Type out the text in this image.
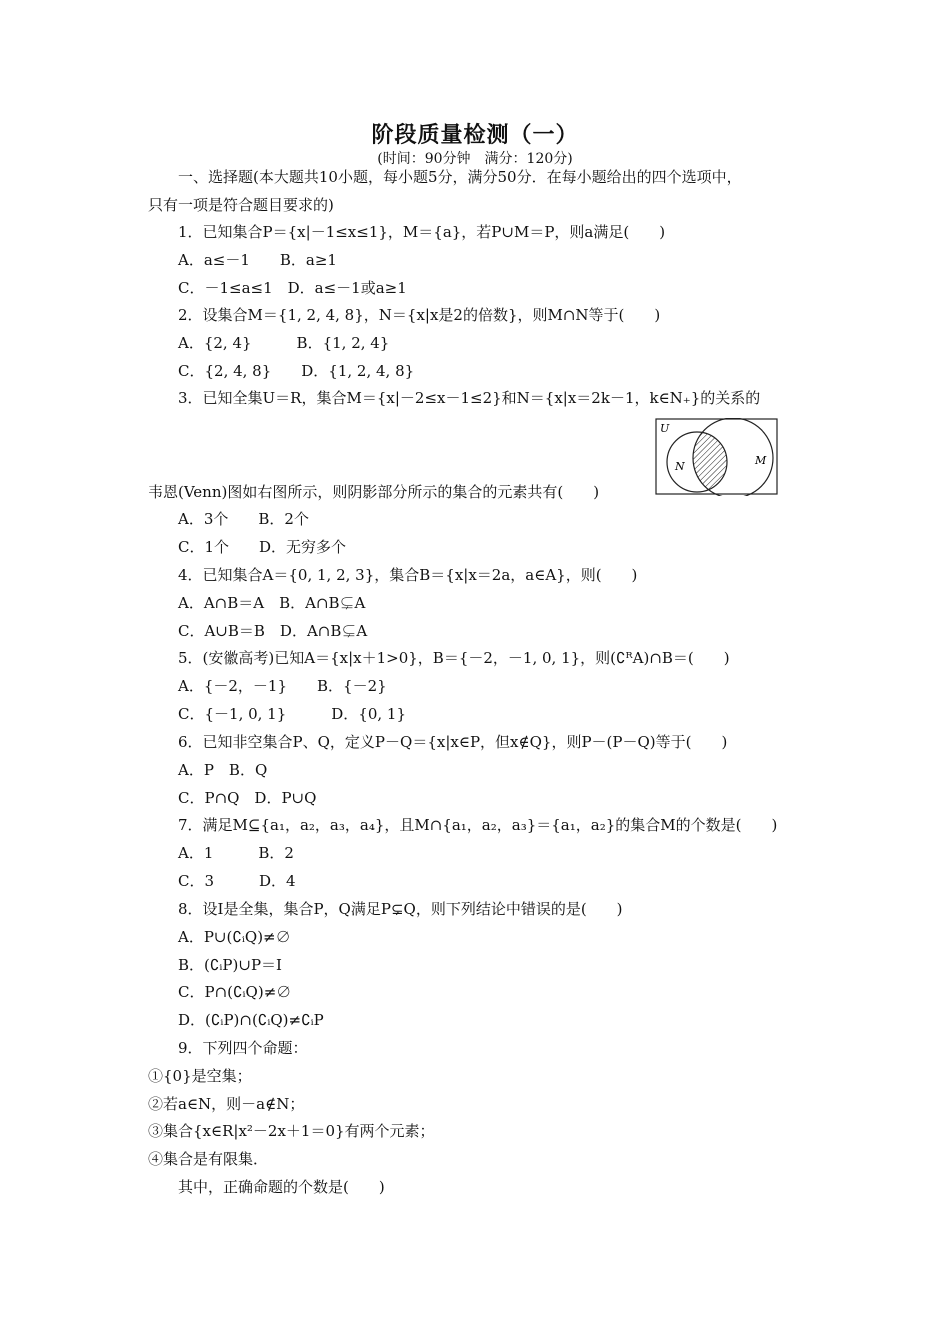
阶段质量检测（一）
(时间：90分钟　满分：120分)
一、选择题(本大题共10小题，每小题5分，满分50分．在每小题给出的四个选项中，
只有一项是符合题目要求的)
1．已知集合P＝{x|－1≤x≤1}，M＝{a}，若P∪M＝P，则a满足(　　)
A．a≤－1　　B．a≥1
C．－1≤a≤1　D．a≤－1或a≥1
2．设集合M＝{1, 2, 4, 8}，N＝{x|x是2的倍数}，则M∩N等于(　　)
A．{2, 4}　　　B．{1, 2, 4}
C．{2, 4, 8}　　D．{1, 2, 4, 8}
3．已知全集U＝R，集合M＝{x|－2≤x－1≤2}和N＝{x|x＝2k－1，k∈N₊}的关系的
U
N	M
韦恩(Venn)图如右图所示，则阴影部分所示的集合的元素共有(　　)
A．3个　　B．2个
C．1个　　D．无穷多个
4．已知集合A＝{0, 1, 2, 3}，集合B＝{x|x＝2a，a∈A}，则(　　)
A．A∩B＝A　B．A∩B⊊A
C．A∪B＝B　D．A∩B⊊A
5．(安徽高考)已知A＝{x|x＋1>0}，B＝{－2，－1, 0, 1}，则(∁ᴿA)∩B＝(　　)
A．{－2，－1}　　B．{－2}
C．{－1, 0, 1}　　　D．{0, 1}
6．已知非空集合P、Q，定义P－Q＝{x|x∈P，但x∉Q}，则P－(P－Q)等于(　　)
A．P　B．Q
C．P∩Q　D．P∪Q
7．满足M⊆{a₁，a₂，a₃，a₄}，且M∩{a₁，a₂，a₃}＝{a₁，a₂}的集合M的个数是(　　)
A．1　　　B．2
C．3　　　D．4
8．设I是全集，集合P，Q满足P⊊Q，则下列结论中错误的是(　　)
A．P∪(∁ᵢQ)≠∅
B．(∁ᵢP)∪P＝I
C．P∩(∁ᵢQ)≠∅
D．(∁ᵢP)∩(∁ᵢQ)≠∁ᵢP
9．下列四个命题：
①{0}是空集；
②若a∈N，则－a∉N；
③集合{x∈R|x²－2x＋1＝0}有两个元素；
④集合是有限集．
其中，正确命题的个数是(　　)
